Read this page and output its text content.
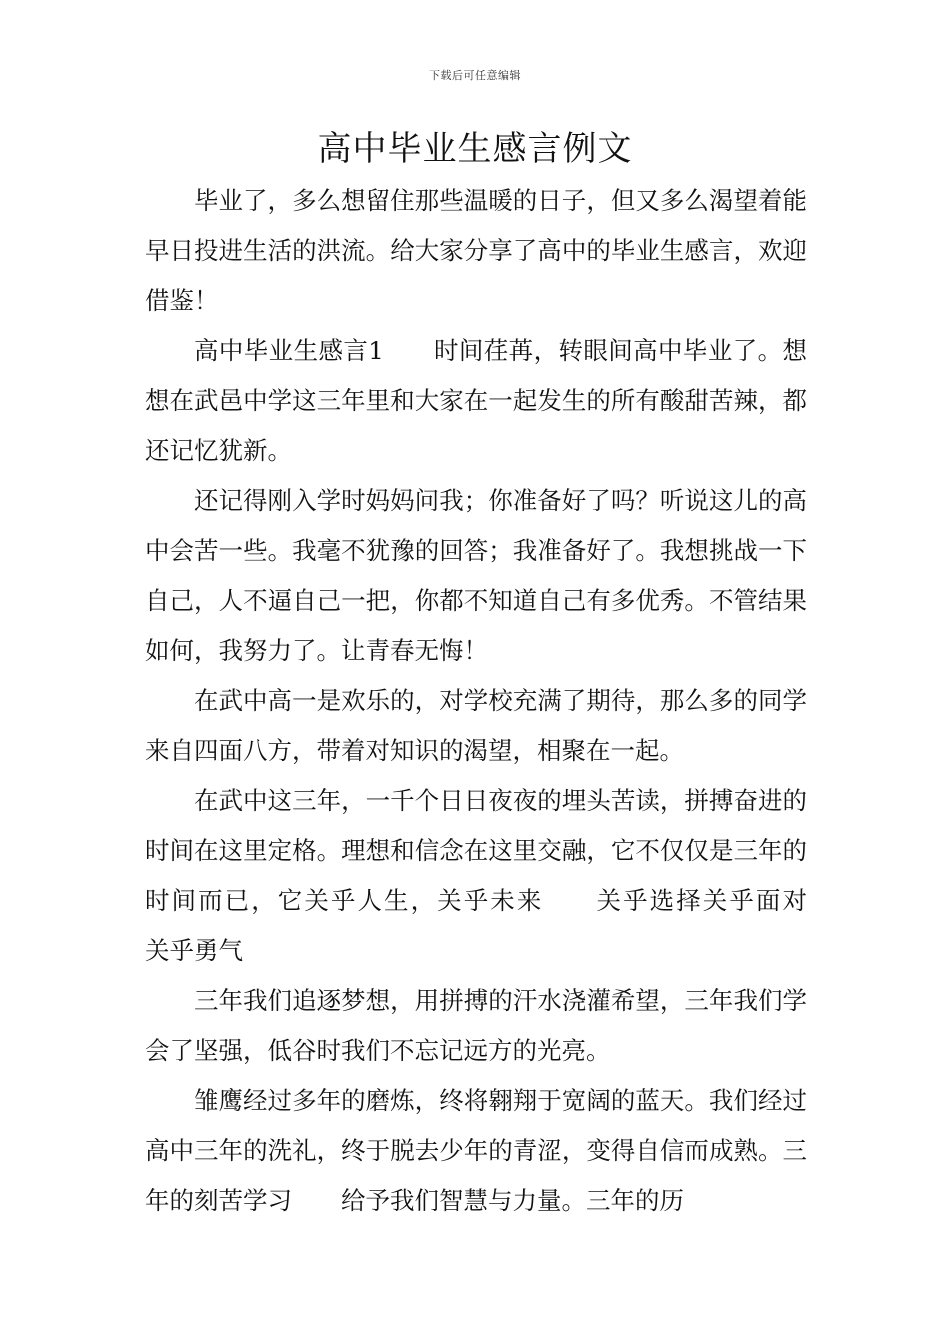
下载后可任意编辑
高中毕业生感言例文

毕业了，多么想留住那些温暖的日子，但又多么渴望着能早日投进生活的洪流。给大家分享了高中的毕业生感言，欢迎借鉴！

高中毕业生感言1　　时间荏苒，转眼间高中毕业了。想想在武邑中学这三年里和大家在一起发生的所有酸甜苦辣，都还记忆犹新。

还记得刚入学时妈妈问我；你准备好了吗？听说这儿的高中会苦一些。我毫不犹豫的回答；我准备好了。我想挑战一下自己，人不逼自己一把，你都不知道自己有多优秀。不管结果如何，我努力了。让青春无悔！

在武中高一是欢乐的，对学校充满了期待，那么多的同学来自四面八方，带着对知识的渴望，相聚在一起。

在武中这三年，一千个日日夜夜的埋头苦读，拼搏奋进的时间在这里定格。理想和信念在这里交融，它不仅仅是三年的时间而已，它关乎人生，关乎未来　　关乎选择关乎面对　　关乎勇气

三年我们追逐梦想，用拼搏的汗水浇灌希望，三年我们学会了坚强，低谷时我们不忘记远方的光亮。

雏鹰经过多年的磨炼，终将翱翔于宽阔的蓝天。我们经过高中三年的洗礼，终于脱去少年的青涩，变得自信而成熟。三年的刻苦学习　　给予我们智慧与力量。三年的历
